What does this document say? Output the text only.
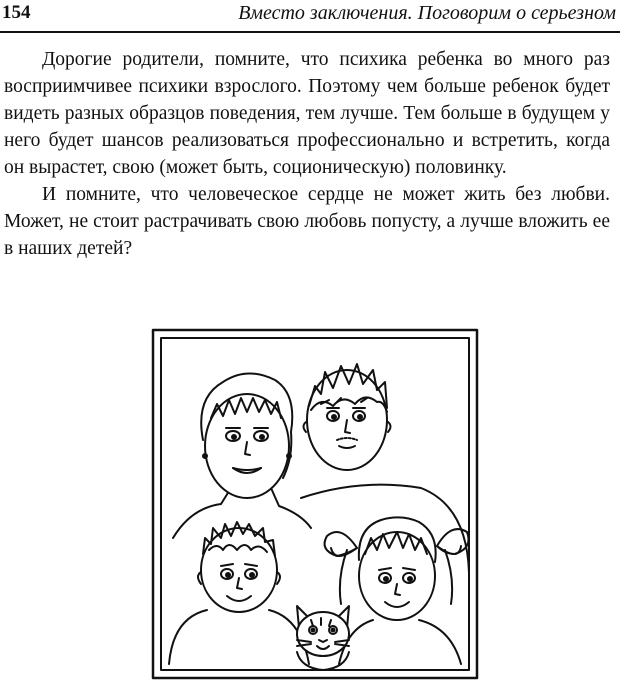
154	Вместо заключения. Поговорим о серьезном

Дорогие родители, помните, что психика ребенка во много раз восприимчивее психики взрослого. Поэтому чем больше ребенок будет видеть разных образцов поведения, тем лучше. Тем больше в будущем у него будет шансов реализоваться профессионально и встретить, когда он вырастет, свою (может быть, соционическую) половинку.

И помните, что человеческое сердце не может жить без любви. Может, не стоит растрачивать свою любовь попусту, а лучше вложить ее в наших детей?
